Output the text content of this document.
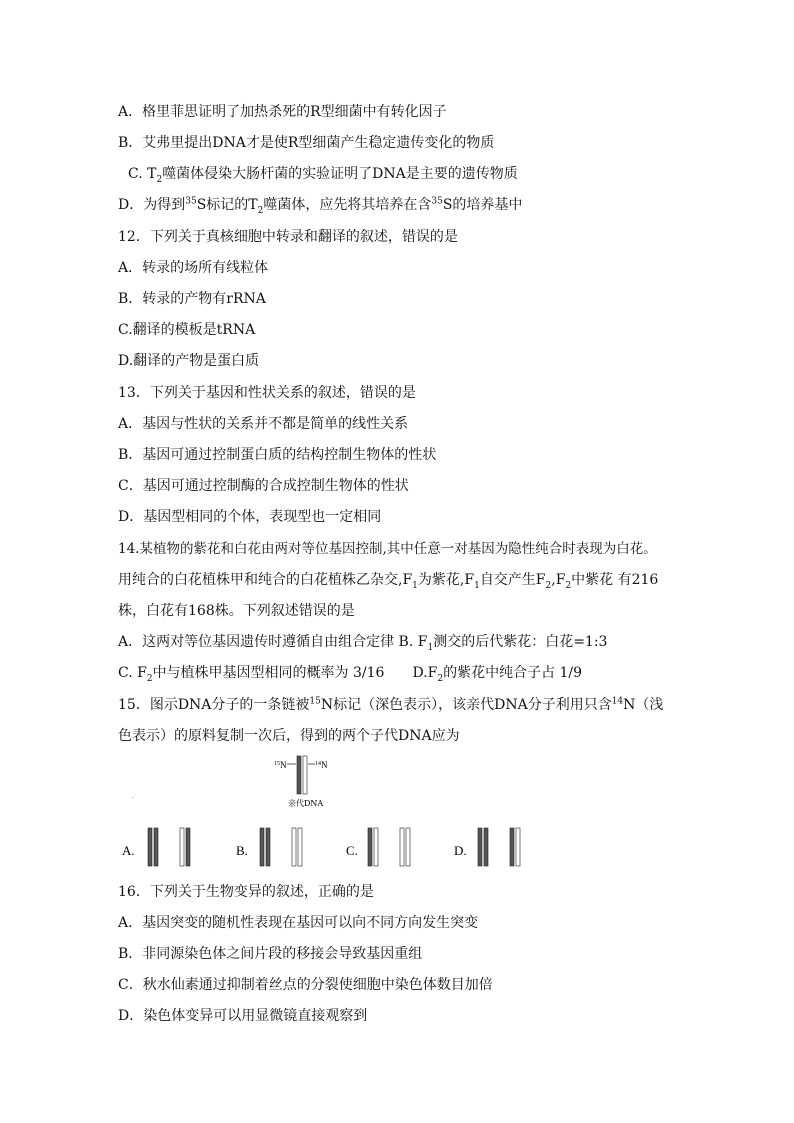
A．格里菲思证明了加热杀死的R型细菌中有转化因子
B．艾弗里提出DNA才是使R型细菌产生稳定遗传变化的物质
C. $T_2$噬菌体侵染大肠杆菌的实验证明了DNA是主要的遗传物质
D．为得到$^{35}$S标记的$T_2$噬菌体，应先将其培养在含$^{35}$S的培养基中
12．下列关于真核细胞中转录和翻译的叙述，错误的是
A．转录的场所有线粒体
B．转录的产物有rRNA
C.翻译的模板是tRNA
D.翻译的产物是蛋白质
13．下列关于基因和性状关系的叙述，错误的是
A．基因与性状的关系并不都是简单的线性关系
B．基因可通过控制蛋白质的结构控制生物体的性状
C．基因可通过控制酶的合成控制生物体的性状
D．基因型相同的个体，表现型也一定相同
14.某植物的紫花和白花由两对等位基因控制,其中任意一对基因为隐性纯合时表现为白花。
用纯合的白花植株甲和纯合的白花植株乙杂交$,F_1$为紫花$,F_1$自交产生$F_2,F_2$中紫花 有216
株，白花有168株。下列叙述错误的是
A．这两对等位基因遗传时遵循自由组合定律 B. $F_1$测交的后代紫花：白花=1:3
C. $F_2$中与植株甲基因型相同的概率为 3/16　　$D.F_2$的紫花中纯合子占 1/9
15．图示DNA分子的一条链被$^{15}$N标记（深色表示），该亲代DNA分子利用只含$^{14}$N（浅
色表示）的原料复制一次后，得到的两个子代DNA应为
$^{15}$N	$^{14}$N
亲代DNA
.
A.	B.	C.	D.
16．下列关于生物变异的叙述，正确的是
A．基因突变的随机性表现在基因可以向不同方向发生突变
B．非同源染色体之间片段的移接会导致基因重组
C．秋水仙素通过抑制着丝点的分裂使细胞中染色体数目加倍
D．染色体变异可以用显微镜直接观察到
